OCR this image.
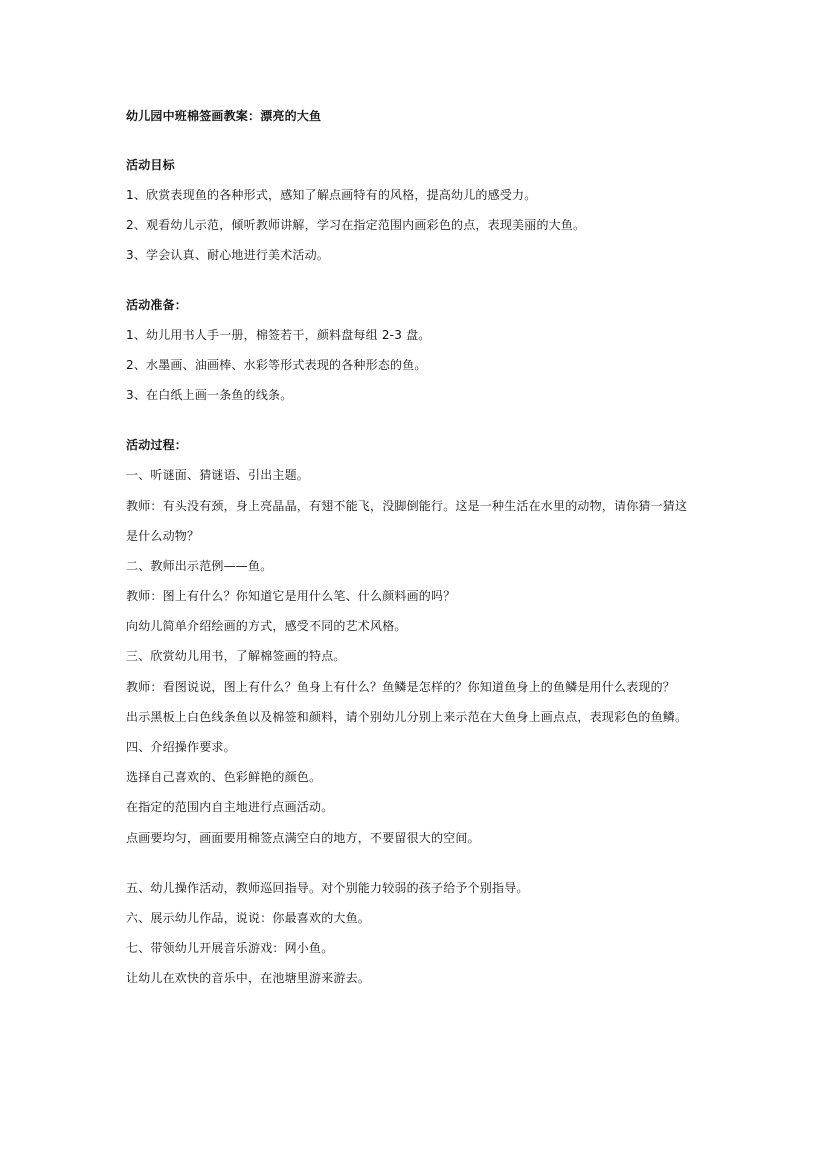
幼儿园中班棉签画教案：漂亮的大鱼
活动目标
1、欣赏表现鱼的各种形式，感知了解点画特有的风格，提高幼儿的感受力。
2、观看幼儿示范，倾听教师讲解，学习在指定范围内画彩色的点，表现美丽的大鱼。
3、学会认真、耐心地进行美术活动。
活动准备：
1、幼儿用书人手一册，棉签若干，颜料盘每组 2-3 盘。
2、水墨画、油画棒、水彩等形式表现的各种形态的鱼。
3、在白纸上画一条鱼的线条。
活动过程：
一、听谜面、猜谜语、引出主题。
教师：有头没有颈，身上亮晶晶，有翅不能飞，没脚倒能行。这是一种生活在水里的动物，请你猜一猜这
是什么动物？
二、教师出示范例——鱼。
教师：图上有什么？你知道它是用什么笔、什么颜料画的吗？
向幼儿简单介绍绘画的方式，感受不同的艺术风格。
三、欣赏幼儿用书，了解棉签画的特点。
教师：看图说说，图上有什么？鱼身上有什么？鱼鳞是怎样的？你知道鱼身上的鱼鳞是用什么表现的？
出示黑板上白色线条鱼以及棉签和颜料，请个别幼儿分别上来示范在大鱼身上画点点，表现彩色的鱼鳞。
四、介绍操作要求。
选择自己喜欢的、色彩鲜艳的颜色。
在指定的范围内自主地进行点画活动。
点画要均匀，画面要用棉签点满空白的地方，不要留很大的空间。
五、幼儿操作活动，教师巡回指导。对个别能力较弱的孩子给予个别指导。
六、展示幼儿作品，说说：你最喜欢的大鱼。
七、带领幼儿开展音乐游戏：网小鱼。
让幼儿在欢快的音乐中，在池塘里游来游去。
